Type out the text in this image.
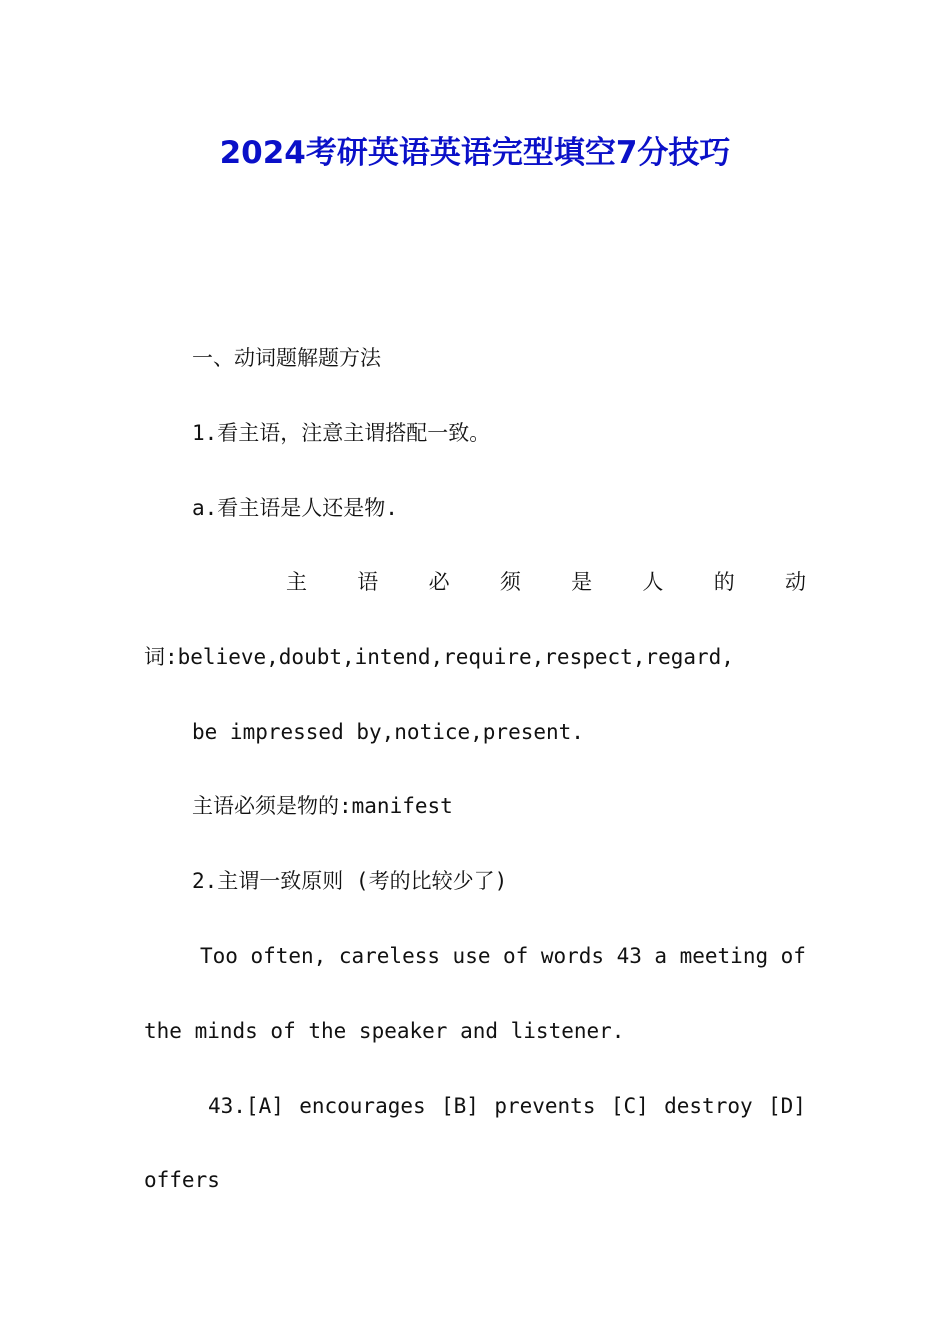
2024考研英语英语完型填空7分技巧
一、动词题解题方法
1.看主语，注意主谓搭配一致。
a.看主语是人还是物.
主 语 必 须 是 人 的 动
词:believe,doubt,intend,require,respect,regard,
be impressed by,notice,present.
主语必须是物的:manifest
2.主谓一致原则 (考的比较少了)
Too often, careless use of words 43 a meeting of
the minds of the speaker and listener.
43.[A] encourages [B] prevents [C] destroy [D]
offers
